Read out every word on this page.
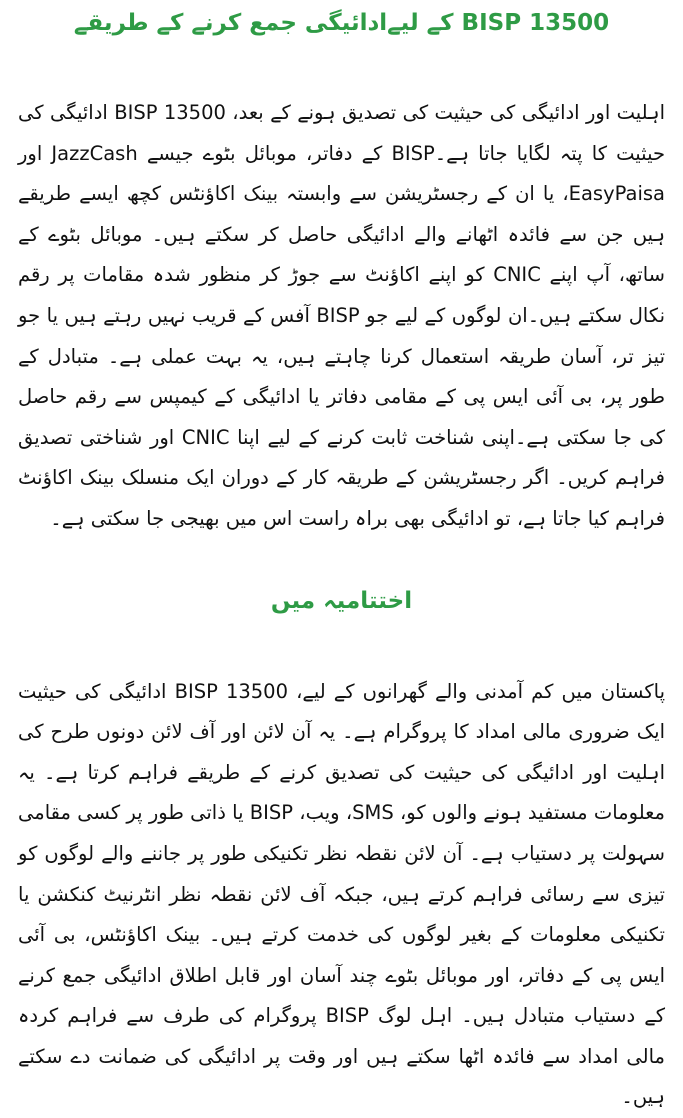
BISP 13500 کے لیےادائیگی جمع کرنے کے طریقے

اہلیت اور ادائیگی کی حیثیت کی تصدیق ہونے کے بعد، BISP 13500 ادائیگی کی حیثیت کا پتہ لگایا جاتا ہے۔BISP کے دفاتر، موبائل بٹوے جیسے JazzCash اور EasyPaisa، یا ان کے رجسٹریشن سے وابستہ بینک اکاؤنٹس کچھ ایسے طریقے ہیں جن سے فائدہ اٹھانے والے ادائیگی حاصل کر سکتے ہیں۔ موبائل بٹوے کے ساتھ، آپ اپنے CNIC کو اپنے اکاؤنٹ سے جوڑ کر منظور شدہ مقامات پر رقم نکال سکتے ہیں۔ان لوگوں کے لیے جو BISP آفس کے قریب نہیں رہتے ہیں یا جو تیز تر، آسان طریقہ استعمال کرنا چاہتے ہیں، یہ بہت عملی ہے۔ متبادل کے طور پر، بی آئی ایس پی کے مقامی دفاتر یا ادائیگی کے کیمپس سے رقم حاصل کی جا سکتی ہے۔اپنی شناخت ثابت کرنے کے لیے اپنا CNIC اور شناختی تصدیق فراہم کریں۔ اگر رجسٹریشن کے طریقہ کار کے دوران ایک منسلک بینک اکاؤنٹ فراہم کیا جاتا ہے، تو ادائیگی بھی براہ راست اس میں بھیجی جا سکتی ہے۔

اختتامیہ میں

پاکستان میں کم آمدنی والے گھرانوں کے لیے، BISP 13500 ادائیگی کی حیثیت ایک ضروری مالی امداد کا پروگرام ہے۔ یہ آن لائن اور آف لائن دونوں طرح کی اہلیت اور ادائیگی کی حیثیت کی تصدیق کرنے کے طریقے فراہم کرتا ہے۔ یہ معلومات مستفید ہونے والوں کو، SMS، ویب، BISP یا ذاتی طور پر کسی مقامی سہولت پر دستیاب ہے۔ آن لائن نقطہ نظر تکنیکی طور پر جاننے والے لوگوں کو تیزی سے رسائی فراہم کرتے ہیں، جبکہ آف لائن نقطہ نظر انٹرنیٹ کنکشن یا تکنیکی معلومات کے بغیر لوگوں کی خدمت کرتے ہیں۔ بینک اکاؤنٹس، بی آئی ایس پی کے دفاتر، اور موبائل بٹوے چند آسان اور قابل اطلاق ادائیگی جمع کرنے کے دستیاب متبادل ہیں۔ اہل لوگ BISP پروگرام کی طرف سے فراہم کردہ مالی امداد سے فائدہ اٹھا سکتے ہیں اور وقت پر ادائیگی کی ضمانت دے سکتے ہیں۔
